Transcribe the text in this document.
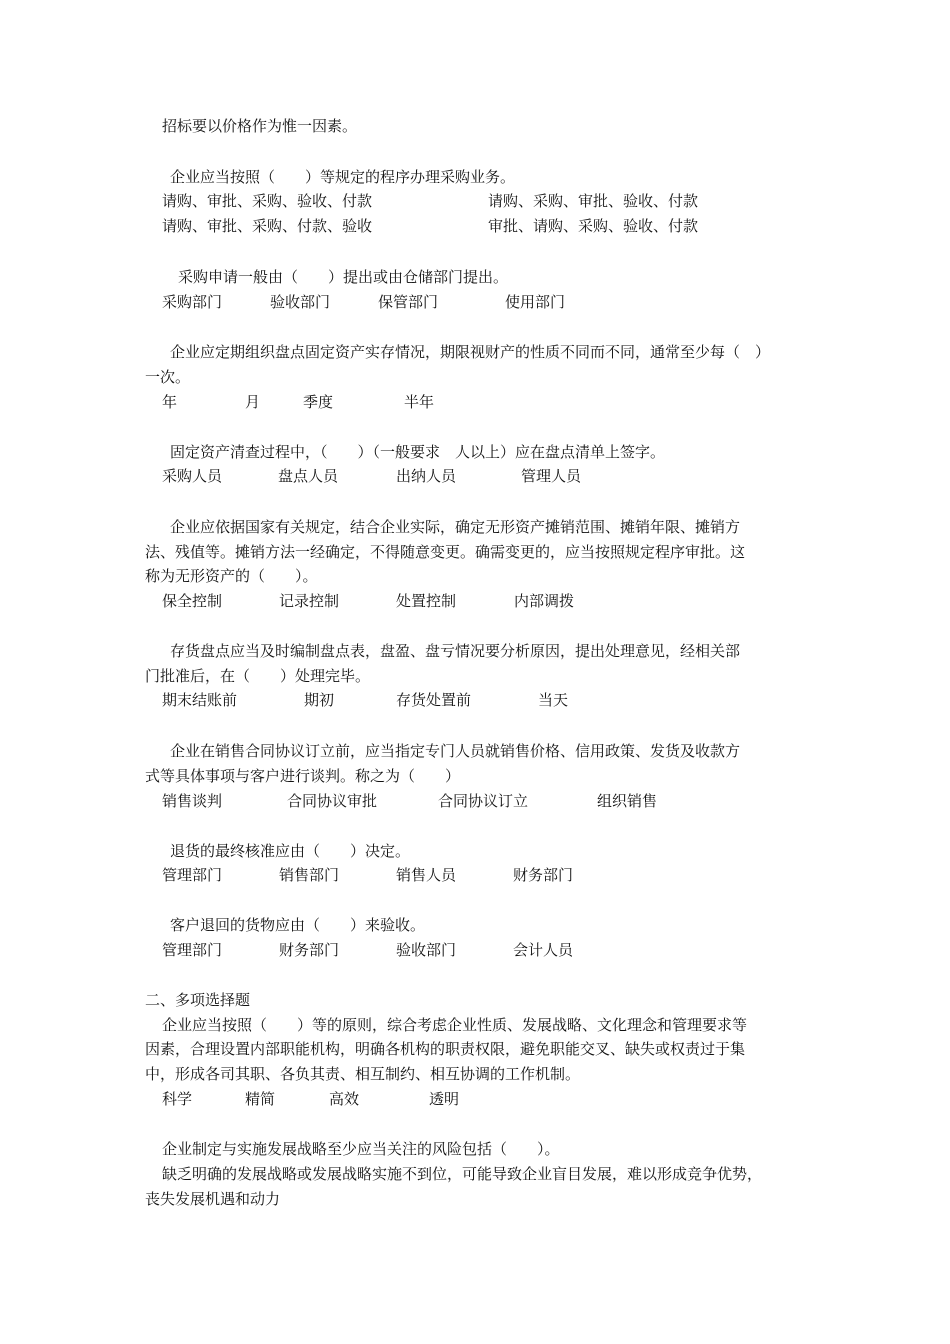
招标要以价格作为惟一因素。
企业应当按照（　　）等规定的程序办理采购业务。
请购、审批、采购、验收、付款	请购、采购、审批、验收、付款
请购、审批、采购、付款、验收	审批、请购、采购、验收、付款
采购申请一般由（　　）提出或由仓储部门提出。
采购部门	验收部门	保管部门	使用部门
企业应定期组织盘点固定资产实存情况，期限视财产的性质不同而不同，通常至少每（　）
一次。
年	月	季度	半年
固定资产清查过程中，（　　）（一般要求　人以上）应在盘点清单上签字。
采购人员	盘点人员	出纳人员	管理人员
企业应依据国家有关规定，结合企业实际，确定无形资产摊销范围、摊销年限、摊销方
法、残值等。摊销方法一经确定，不得随意变更。确需变更的，应当按照规定程序审批。这
称为无形资产的（　　）。
保全控制	记录控制	处置控制	内部调拨
存货盘点应当及时编制盘点表，盘盈、盘亏情况要分析原因，提出处理意见，经相关部
门批准后，在（　　）处理完毕。
期末结账前	期初	存货处置前	当天
企业在销售合同协议订立前，应当指定专门人员就销售价格、信用政策、发货及收款方
式等具体事项与客户进行谈判。称之为（　　）
销售谈判	合同协议审批	合同协议订立	组织销售
退货的最终核准应由（　　）决定。
管理部门	销售部门	销售人员	财务部门
客户退回的货物应由（　　）来验收。
管理部门	财务部门	验收部门	会计人员
二、多项选择题
企业应当按照（　　）等的原则，综合考虑企业性质、发展战略、文化理念和管理要求等
因素，合理设置内部职能机构，明确各机构的职责权限，避免职能交叉、缺失或权责过于集
中，形成各司其职、各负其责、相互制约、相互协调的工作机制。
科学	精简	高效	透明
企业制定与实施发展战略至少应当关注的风险包括（　　）。
缺乏明确的发展战略或发展战略实施不到位，可能导致企业盲目发展，难以形成竞争优势，
丧失发展机遇和动力
